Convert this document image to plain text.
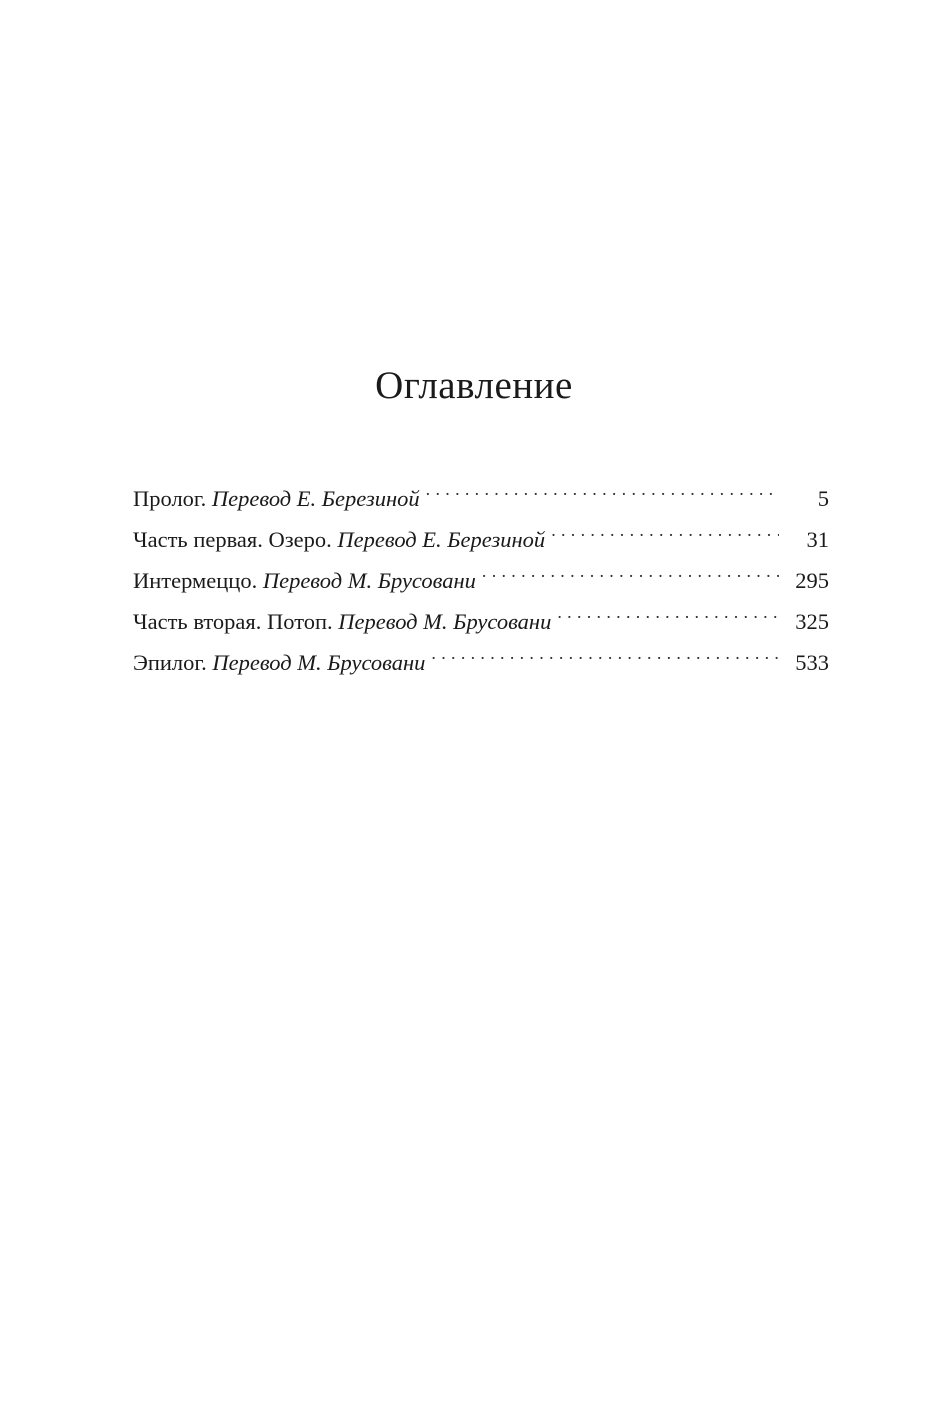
Оглавление
Пролог. Перевод Е. Березиной . . .	5
Часть первая. Озеро. Перевод Е. Березиной . . .	31
Интермеццо. Перевод М. Брусовани . . .	295
Часть вторая. Потоп. Перевод М. Брусовани . . .	325
Эпилог. Перевод М. Брусовани . . .	533
